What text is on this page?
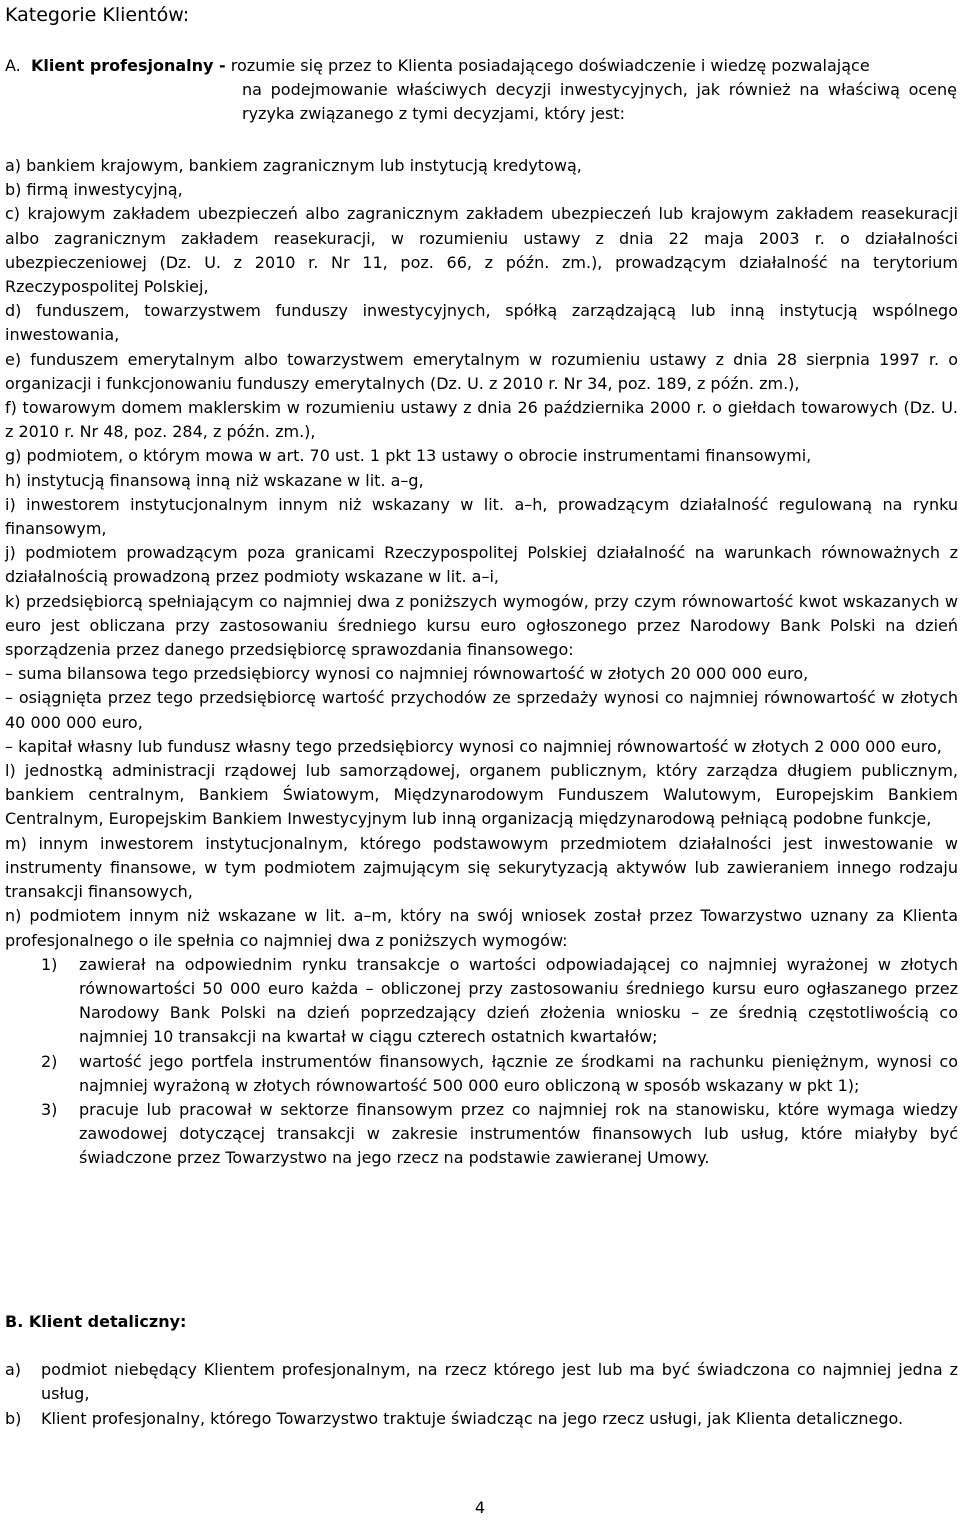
Kategorie Klientów:
A. Klient profesjonalny - rozumie się przez to Klienta posiadającego doświadczenie i wiedzę pozwalające
na podejmowanie właściwych decyzji inwestycyjnych, jak również na właściwą ocenę ryzyka związanego z tymi decyzjami, który jest:

a) bankiem krajowym, bankiem zagranicznym lub instytucją kredytową,

b) firmą inwestycyjną,

c) krajowym zakładem ubezpieczeń albo zagranicznym zakładem ubezpieczeń lub krajowym zakładem reasekuracji albo zagranicznym zakładem reasekuracji, w rozumieniu ustawy z dnia 22 maja 2003 r. o działalności ubezpieczeniowej (Dz. U. z 2010 r. Nr 11, poz. 66, z późn. zm.), prowadzącym działalność na terytorium Rzeczypospolitej Polskiej,

d) funduszem, towarzystwem funduszy inwestycyjnych, spółką zarządzającą lub inną instytucją wspólnego inwestowania,

e) funduszem emerytalnym albo towarzystwem emerytalnym w rozumieniu ustawy z dnia 28 sierpnia 1997 r. o organizacji i funkcjonowaniu funduszy emerytalnych (Dz. U. z 2010 r. Nr 34, poz. 189, z późn. zm.),

f) towarowym domem maklerskim w rozumieniu ustawy z dnia 26 października 2000 r. o giełdach towarowych (Dz. U. z 2010 r. Nr 48, poz. 284, z późn. zm.),

g) podmiotem, o którym mowa w art. 70 ust. 1 pkt 13 ustawy o obrocie instrumentami finansowymi,

h) instytucją finansową inną niż wskazane w lit. a–g,

i) inwestorem instytucjonalnym innym niż wskazany w lit. a–h, prowadzącym działalność regulowaną na rynku finansowym,

j) podmiotem prowadzącym poza granicami Rzeczypospolitej Polskiej działalność na warunkach równoważnych z działalnością prowadzoną przez podmioty wskazane w lit. a–i,

k) przedsiębiorcą spełniającym co najmniej dwa z poniższych wymogów, przy czym równowartość kwot wskazanych w euro jest obliczana przy zastosowaniu średniego kursu euro ogłoszonego przez Narodowy Bank Polski na dzień sporządzenia przez danego przedsiębiorcę sprawozdania finansowego:

– suma bilansowa tego przedsiębiorcy wynosi co najmniej równowartość w złotych 20 000 000 euro,

– osiągnięta przez tego przedsiębiorcę wartość przychodów ze sprzedaży wynosi co najmniej równowartość w złotych 40 000 000 euro,

– kapitał własny lub fundusz własny tego przedsiębiorcy wynosi co najmniej równowartość w złotych 2 000 000 euro,

l) jednostką administracji rządowej lub samorządowej, organem publicznym, który zarządza długiem publicznym, bankiem centralnym, Bankiem Światowym, Międzynarodowym Funduszem Walutowym, Europejskim Bankiem Centralnym, Europejskim Bankiem Inwestycyjnym lub inną organizacją międzynarodową pełniącą podobne funkcje,

m) innym inwestorem instytucjonalnym, którego podstawowym przedmiotem działalności jest inwestowanie w instrumenty finansowe, w tym podmiotem zajmującym się sekurytyzacją aktywów lub zawieraniem innego rodzaju transakcji finansowych,

n) podmiotem innym niż wskazane w lit. a–m, który na swój wniosek został przez Towarzystwo uznany za Klienta profesjonalnego o ile spełnia co najmniej dwa z poniższych wymogów:

1)	zawierał na odpowiednim rynku transakcje o wartości odpowiadającej co najmniej wyrażonej w złotych równowartości 50 000 euro każda – obliczonej przy zastosowaniu średniego kursu euro ogłaszanego przez Narodowy Bank Polski na dzień poprzedzający dzień złożenia wniosku – ze średnią częstotliwością co najmniej 10 transakcji na kwartał w ciągu czterech ostatnich kwartałów;
2)	wartość jego portfela instrumentów finansowych, łącznie ze środkami na rachunku pieniężnym, wynosi co najmniej wyrażoną w złotych równowartość 500 000 euro obliczoną w sposób wskazany w pkt 1);
3)	pracuje lub pracował w sektorze finansowym przez co najmniej rok na stanowisku, które wymaga wiedzy zawodowej dotyczącej transakcji w zakresie instrumentów finansowych lub usług, które miałyby być świadczone przez Towarzystwo na jego rzecz na podstawie zawieranej Umowy.

B. Klient detaliczny:

a)	podmiot niebędący Klientem profesjonalnym, na rzecz którego jest lub ma być świadczona co najmniej jedna z usług,
b)	Klient profesjonalny, którego Towarzystwo traktuje świadcząc na jego rzecz usługi, jak Klienta detalicznego.
4
